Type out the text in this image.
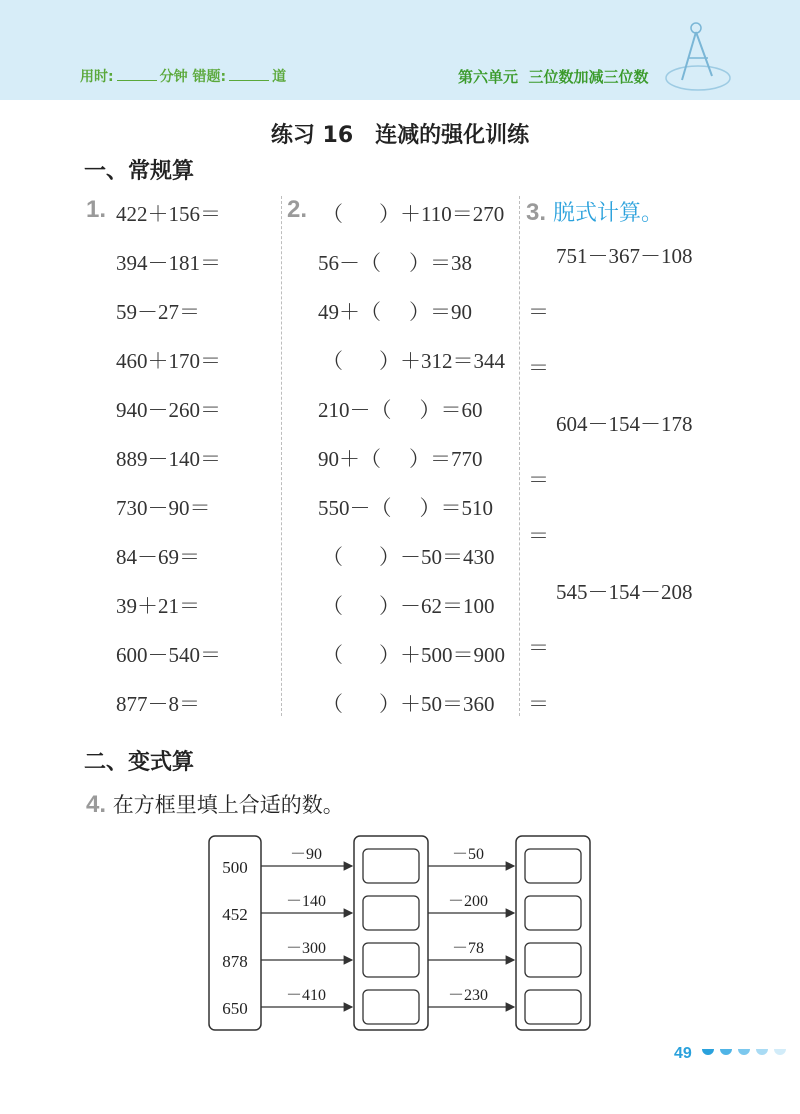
用时:	分钟 错题:	道	第六单元 三位数加减三位数
练习 16　连减的强化训练
一、常规算
1. 422＋156＝
394－181＝
59－27＝
460＋170＝
940－260＝
889－140＝
730－90＝
84－69＝
39＋21＝
600－540＝
877－8＝
2. （ ）＋110＝270
56－（ ）＝38
49＋（ ）＝90
（ ）＋312＝344
210－（ ）＝60
90＋（ ）＝770
550－（ ）＝510
（ ）－50＝430
（ ）－62＝100
（ ）＋500＝900
（ ）＋50＝360
3. 脱式计算。
751－367－108
＝
＝
604－154－178
＝
＝
545－154－208
＝
＝
二、变式算
4. 在方框里填上合适的数。
500
452
878
650
－90	－50
－140	－200
－300	－78
－410	－230
49
